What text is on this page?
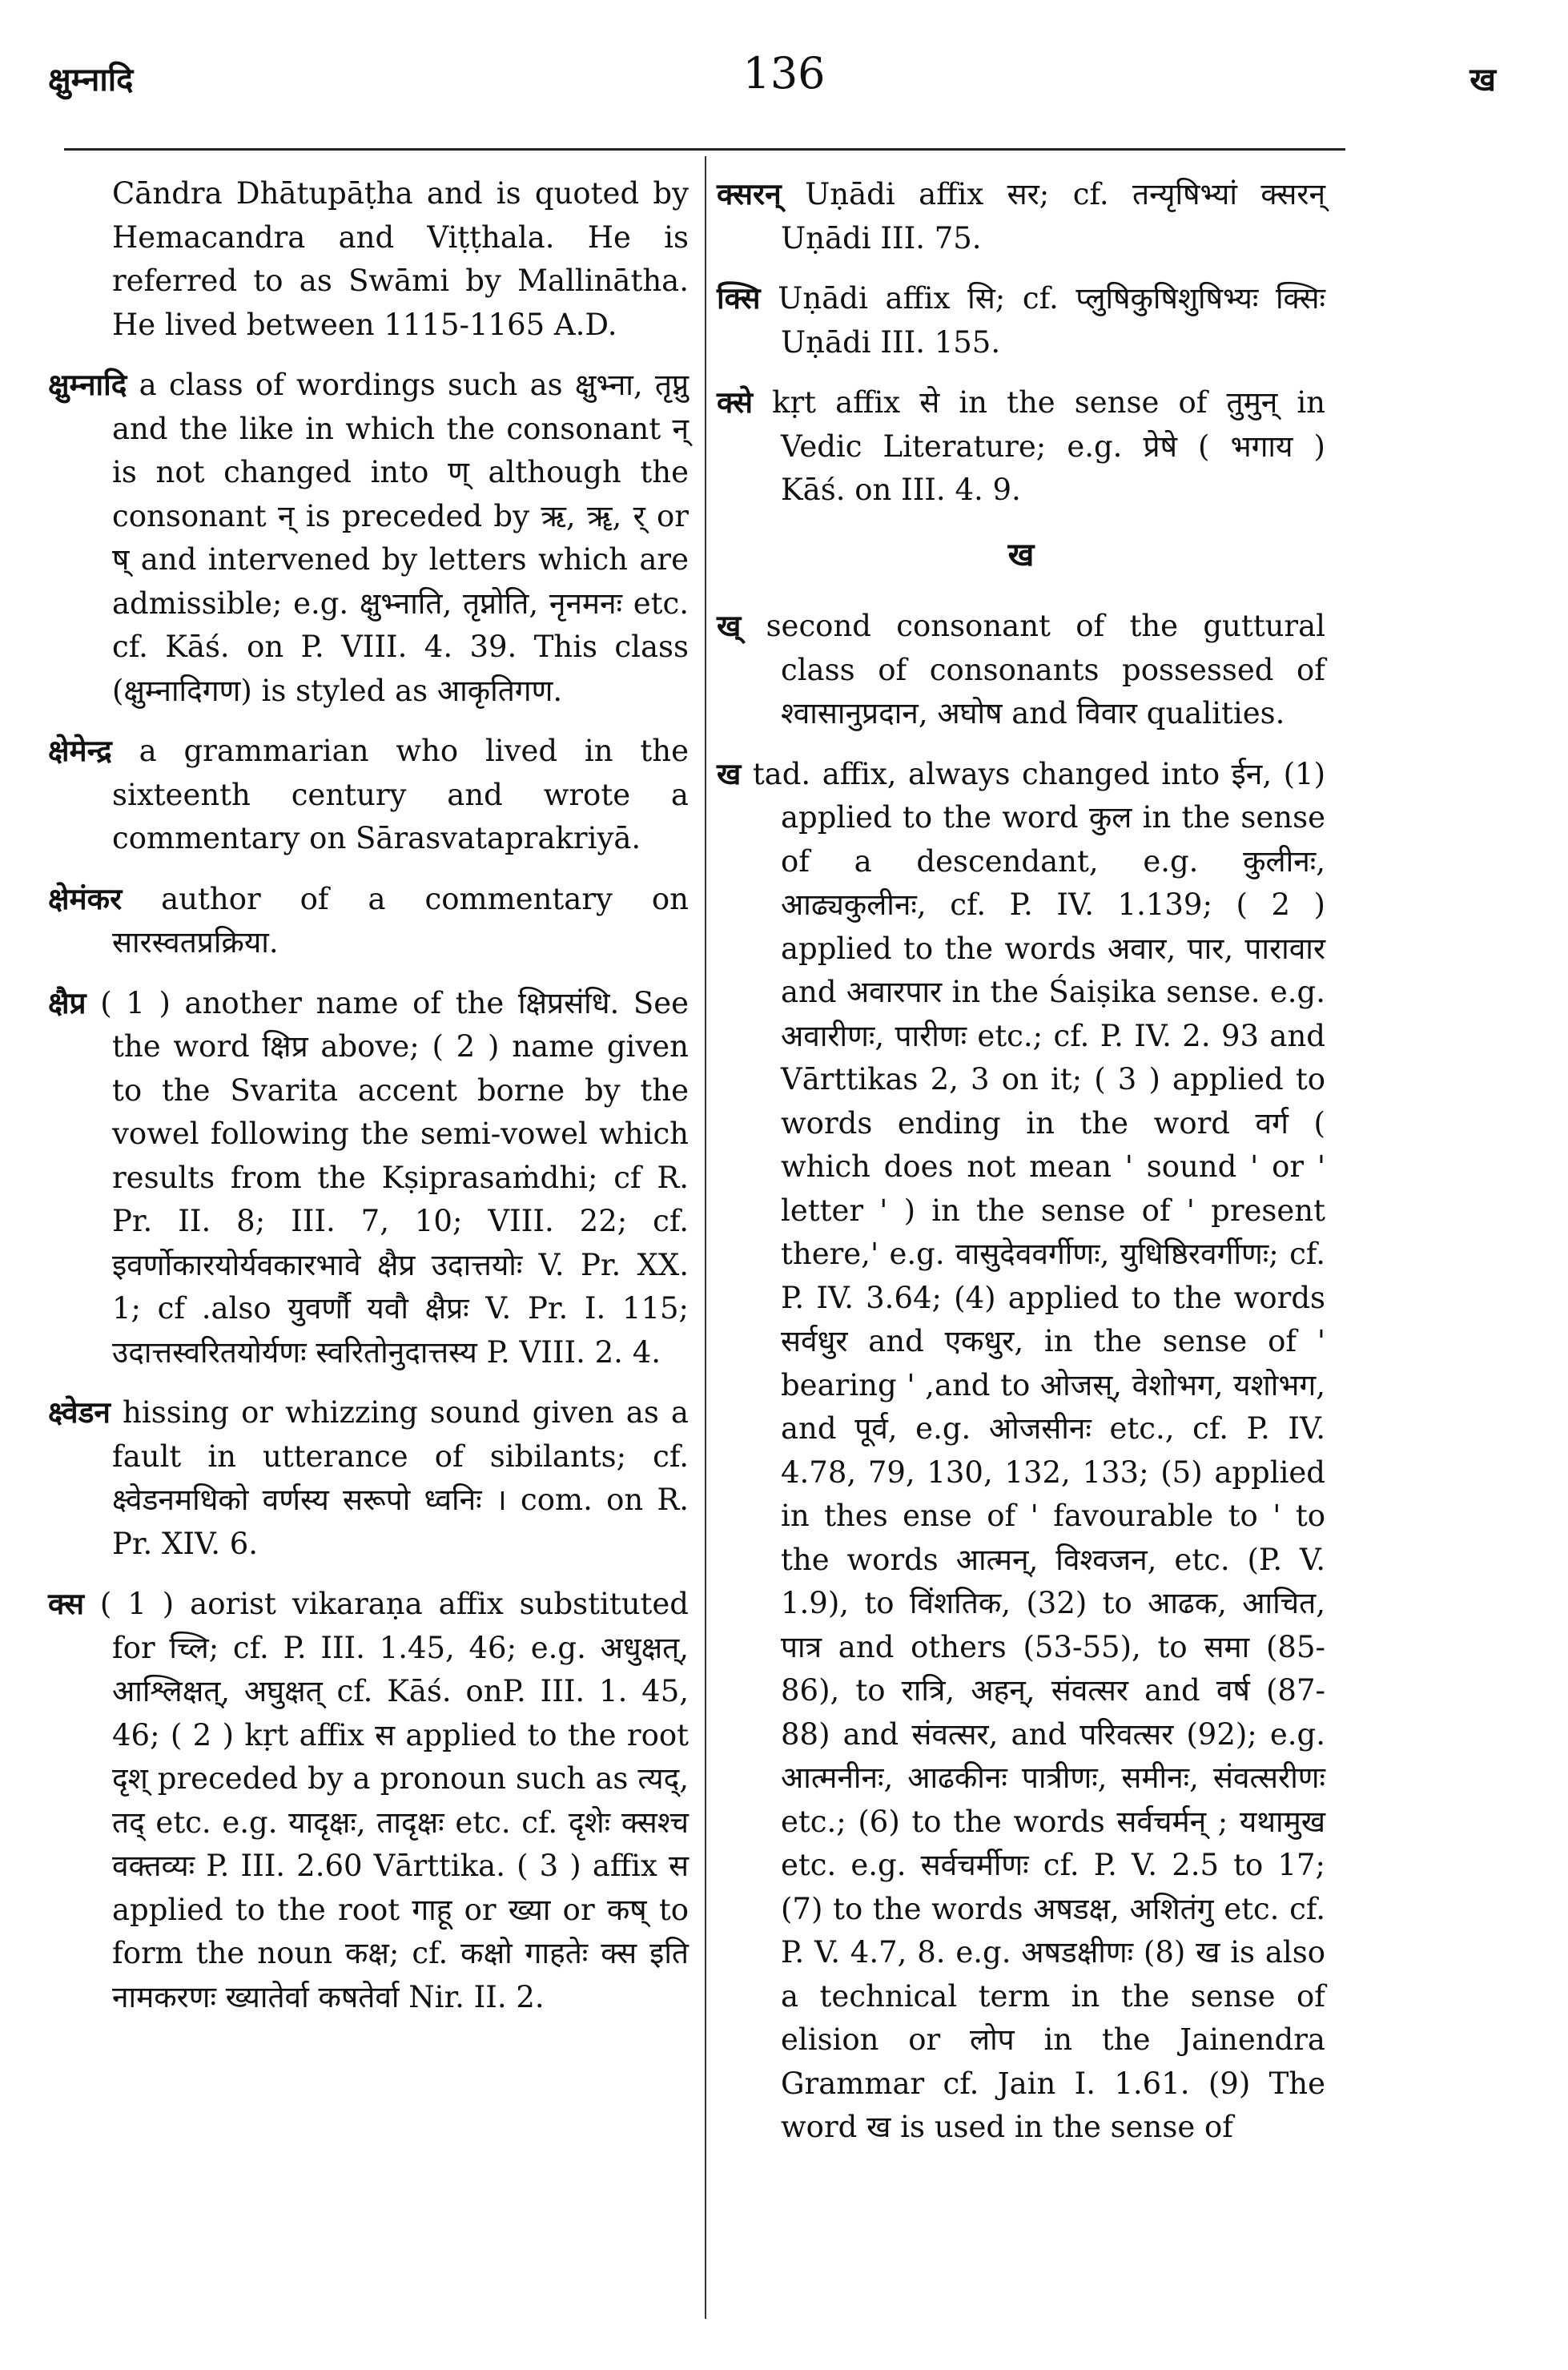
क्षुम्नादि	136	ख

Cāndra Dhātupāṭha and is quoted by Hemacandra and Viṭṭhala. He is referred to as Swāmi by Mallinātha. He lived between 1115-1165 A.D.

क्षुम्नादि a class of wordings such as क्षुभ्ना, तृप्नु and the like in which the consonant न् is not changed into ण् although the consonant न् is preceded by ऋ, ॠ, र् or ष् and intervened by letters which are admissible; e.g. क्षुभ्नाति, तृप्नोति, नृनमनः etc. cf. Kāś. on P. VIII. 4. 39. This class (क्षुम्नादिगण) is styled as आकृतिगण.

क्षेमेन्द्र a grammarian who lived in the sixteenth century and wrote a commentary on Sārasvataprakriyā.

क्षेमंकर author of a commentary on सारस्वतप्रक्रिया.

क्षैप्र ( 1 ) another name of the क्षिप्रसंधि. See the word क्षिप्र above; ( 2 ) name given to the Svarita accent borne by the vowel following the semi-vowel which results from the Kṣiprasaṁdhi; cf R. Pr. II. 8; III. 7, 10; VIII. 22; cf. इवर्णोकारयोर्यवकारभावे क्षैप्र उदात्तयोः V. Pr. XX. 1; cf .also युवर्णौ यवौ क्षैप्रः V. Pr. I. 115; उदात्तस्वरितयोर्यणः स्वरितोनुदात्तस्य P. VIII. 2. 4.

क्ष्वेडन hissing or whizzing sound given as a fault in utterance of sibilants; cf. क्ष्वेडनमधिको वर्णस्य सरूपो ध्वनिः । com. on R. Pr. XIV. 6.

क्स ( 1 ) aorist vikaraṇa affix substituted for च्लि; cf. P. III. 1.45, 46; e.g. अधुक्षत्, आश्लिक्षत्, अघुक्षत् cf. Kāś. onP. III. 1. 45, 46; ( 2 ) kṛt affix स applied to the root दृश् preceded by a pronoun such as त्यद्, तद् etc. e.g. यादृक्षः, तादृक्षः etc. cf. दृशेः क्सश्च वक्तव्यः P. III. 2.60 Vārttika. ( 3 ) affix स applied to the root गाहू or ख्या or कष् to form the noun कक्ष; cf. कक्षो गाहतेः क्स इति नामकरणः ख्यातेर्वा कषतेर्वा Nir. II. 2.

क्सरन् Uṇādi affix सर; cf. तन्यृषिभ्यां क्सरन् Uṇādi III. 75.

क्सि Uṇādi affix सि; cf. प्लुषिकुषिशुषिभ्यः क्सिः Uṇādi III. 155.

क्से kṛt affix से in the sense of तुमुन् in Vedic Literature; e.g. प्रेषे ( भगाय ) Kāś. on III. 4. 9.

ख

ख् second consonant of the guttural class of consonants possessed of श्वासानुप्रदान, अघोष and विवार qualities.

ख tad. affix, always changed into ईन, (1) applied to the word कुल in the sense of a descendant, e.g. कुलीनः, आढ्यकुलीनः, cf. P. IV. 1.139; ( 2 ) applied to the words अवार, पार, पारावार and अवारपार in the Śaiṣika sense. e.g. अवारीणः, पारीणः etc.; cf. P. IV. 2. 93 and Vārttikas 2, 3 on it; ( 3 ) applied to words ending in the word वर्ग ( which does not mean ' sound ' or ' letter ' ) in the sense of ' present there,' e.g. वासुदेववर्गीणः, युधिष्ठिरवर्गीणः; cf. P. IV. 3.64; (4) applied to the words सर्वधुर and एकधुर, in the sense of ' bearing ' ,and to ओजस्, वेशोभग, यशोभग, and पूर्व, e.g. ओजसीनः etc., cf. P. IV. 4.78, 79, 130, 132, 133; (5) applied in thes ense of ' favourable to ' to the words आत्मन्, विश्वजन, etc. (P. V. 1.9), to विंशतिक, (32) to आढक, आचित, पात्र and others (53-55), to समा (85-86), to रात्रि, अहन्, संवत्सर and वर्ष (87-88) and संवत्सर, and परिवत्सर (92); e.g. आत्मनीनः, आढकीनः पात्रीणः, समीनः, संवत्सरीणः etc.; (6) to the words सर्वचर्मन् ; यथामुख etc. e.g. सर्वचर्मीणः cf. P. V. 2.5 to 17; (7) to the words अषडक्ष, अशितंगु etc. cf. P. V. 4.7, 8. e.g. अषडक्षीणः (8) ख is also a technical term in the sense of elision or लोप in the Jainendra Grammar cf. Jain I. 1.61. (9) The word ख is used in the sense of
